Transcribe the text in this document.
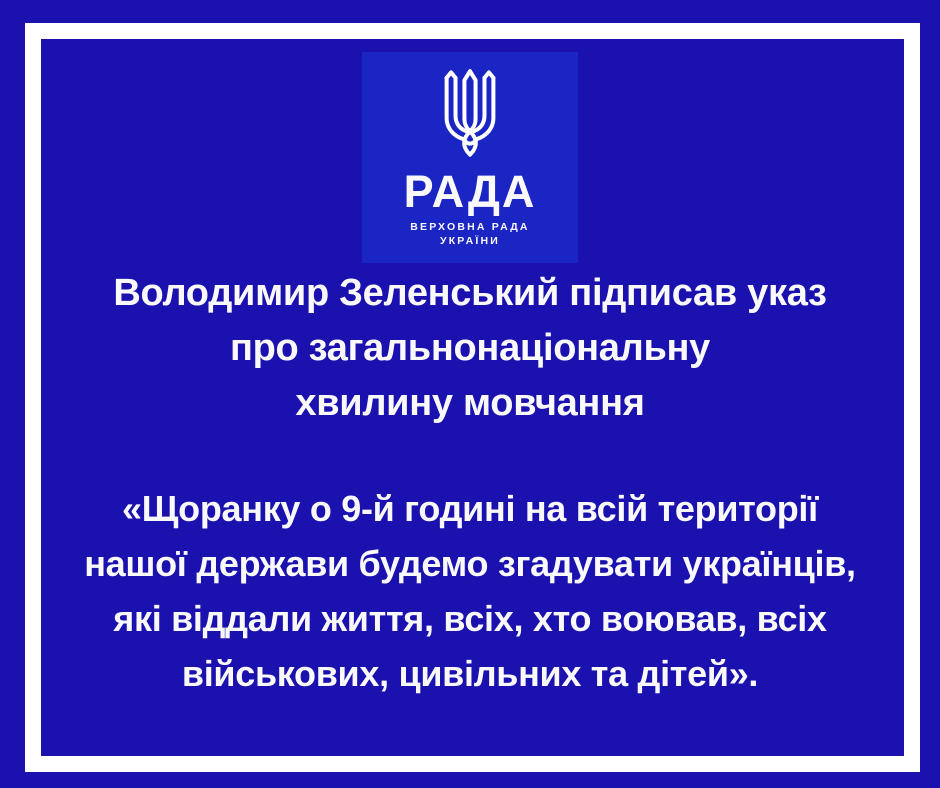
РАДА
ВЕРХОВНА РАДА
УКРАЇНИ
Володимир Зеленський підписав указ
про загальнонаціональну
хвилину мовчання
«Щоранку о 9-й годині на всій території
нашої держави будемо згадувати українців,
які віддали життя, всіх, хто воював, всіх
військових, цивільних та дітей».
